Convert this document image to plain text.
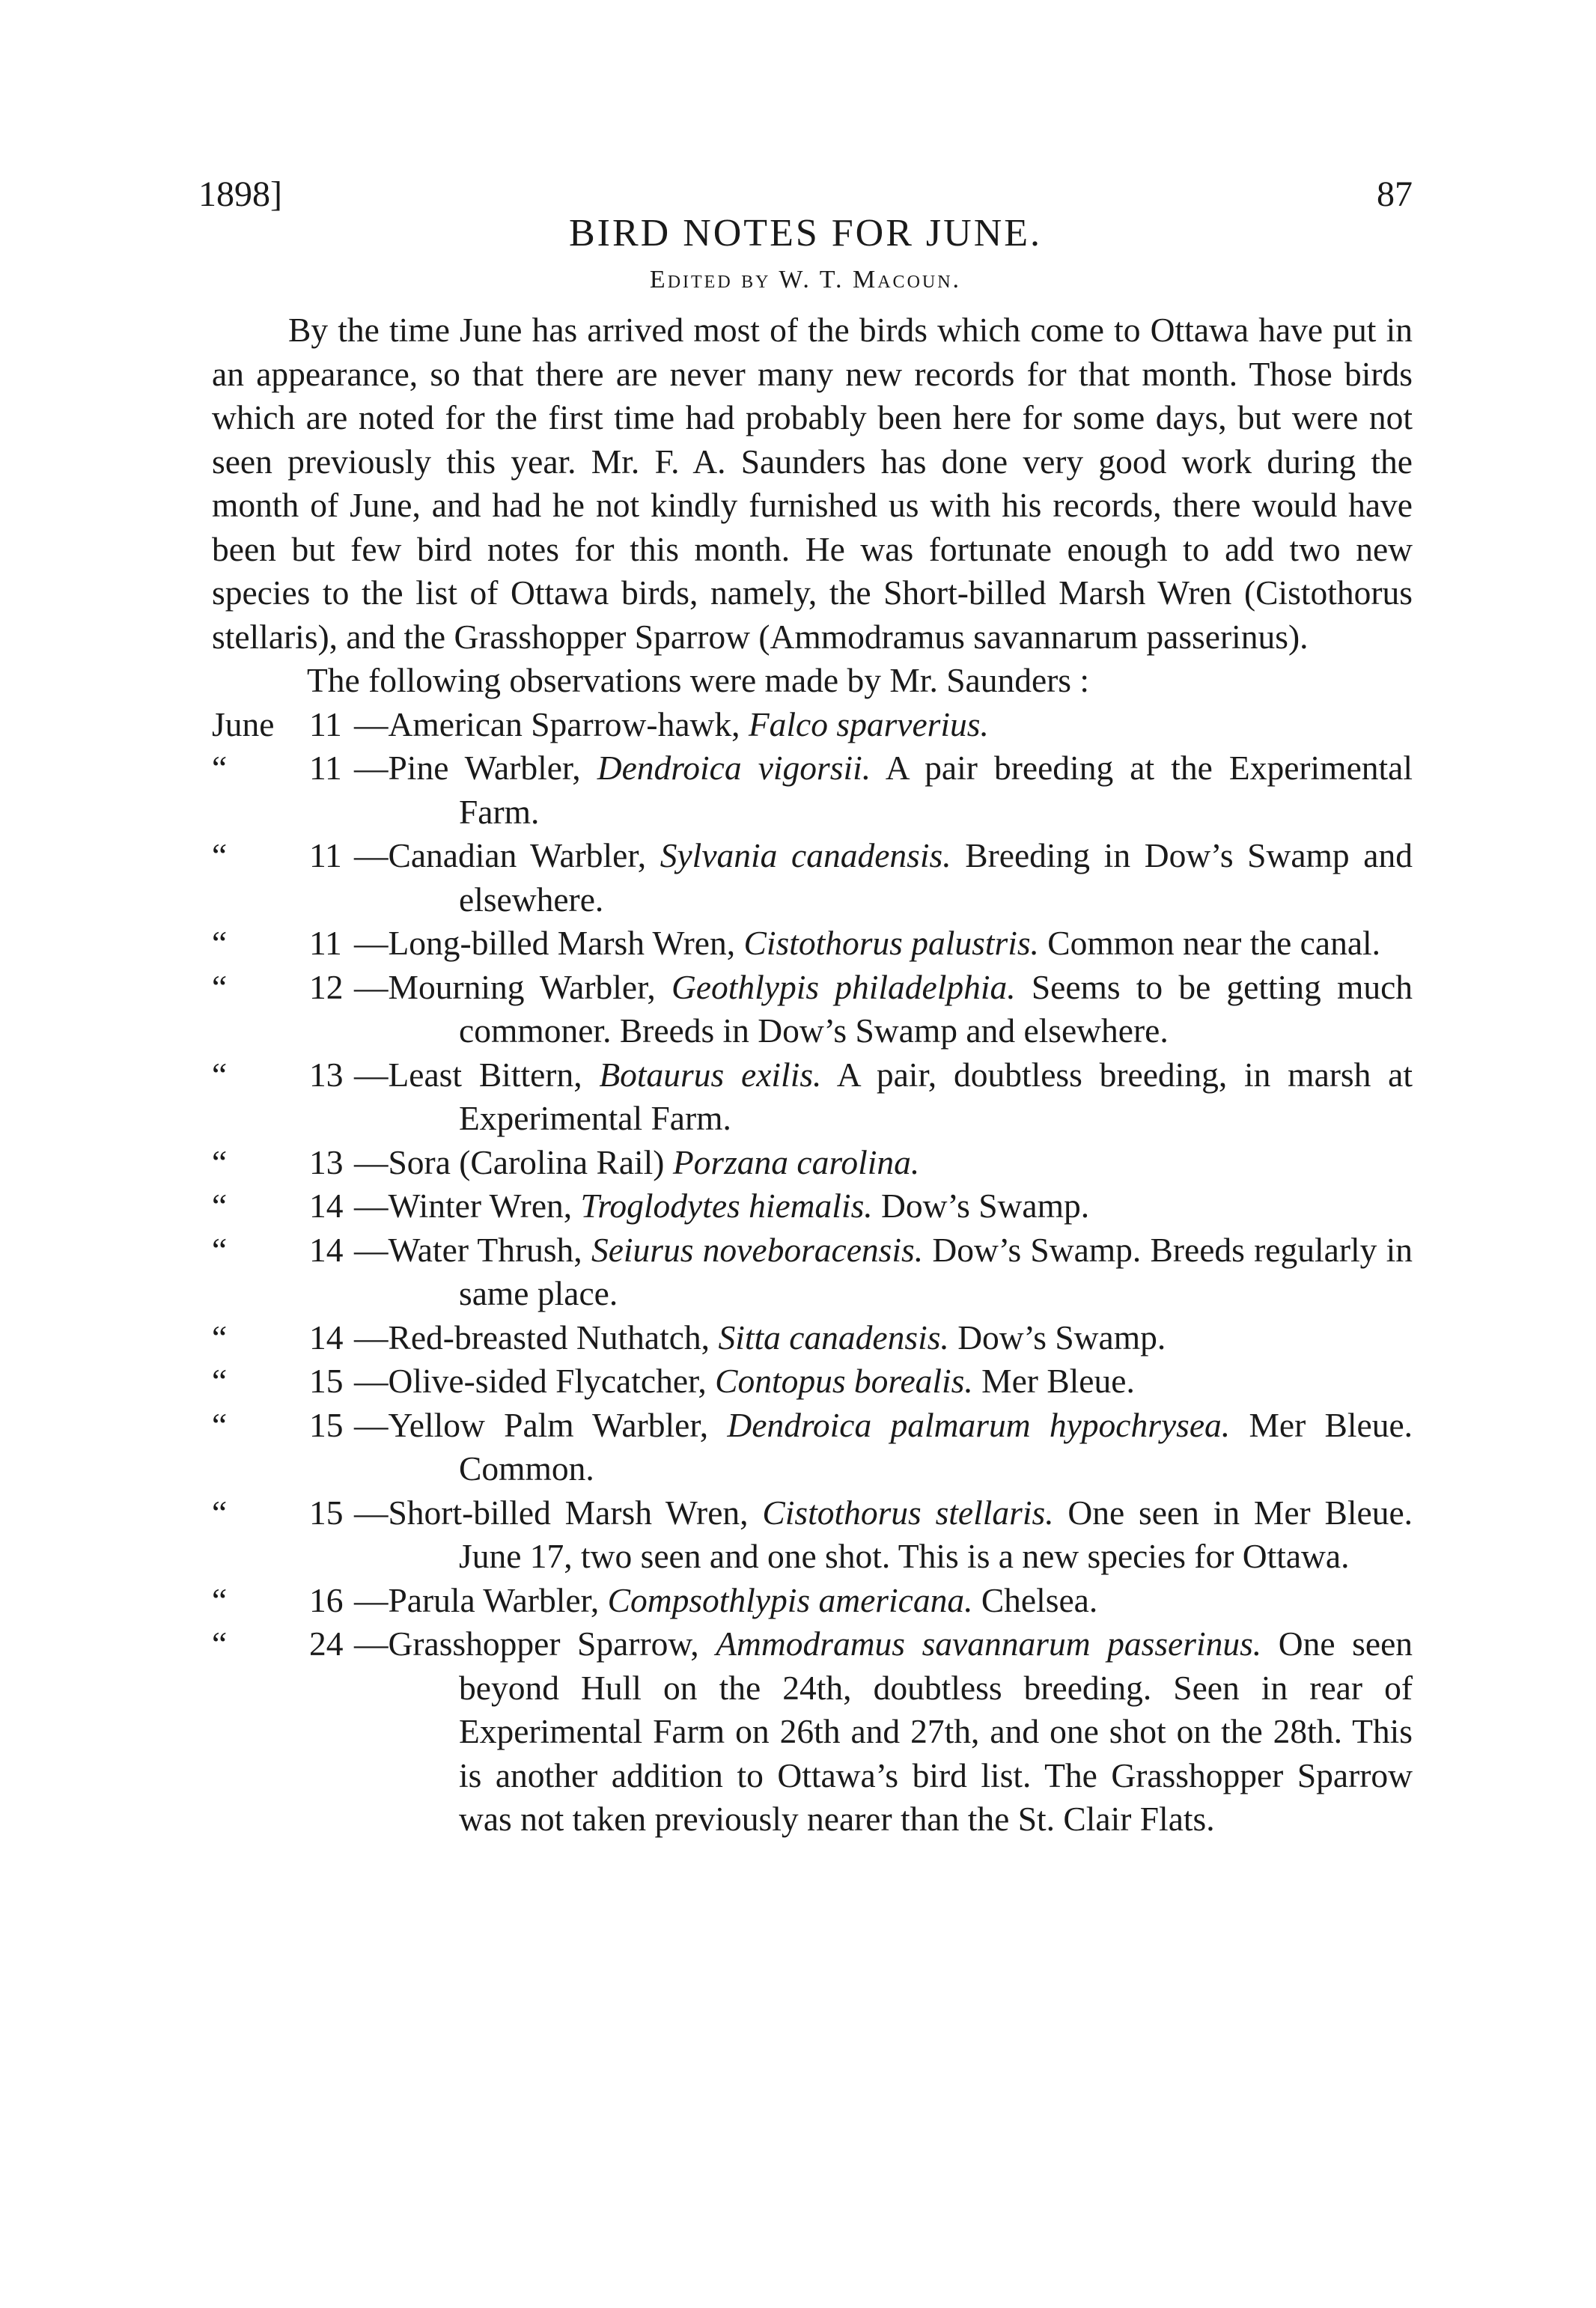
1898]	87
BIRD NOTES FOR JUNE.
Edited by W. T. Macoun.

By the time June has arrived most of the birds which come to Ottawa have put in an appearance, so that there are never many new records for that month. Those birds which are noted for the first time had probably been here for some days, but were not seen previously this year. Mr. F. A. Saunders has done very good work during the month of June, and had he not kindly furnished us with his records, there would have been but few bird notes for this month. He was fortunate enough to add two new species to the list of Ottawa birds, namely, the Short-billed Marsh Wren (Cistothorus stellaris), and the Grasshopper Sparrow (Ammodramus savannarum passerinus).

The following observations were made by Mr. Saunders :

June 11 —American Sparrow-hawk, Falco sparverius.
“ 11 —Pine Warbler, Dendroica vigorsii. A pair breeding at the Experimental Farm.
“ 11 —Canadian Warbler, Sylvania canadensis. Breeding in Dow’s Swamp and elsewhere.
“ 11 —Long-billed Marsh Wren, Cistothorus palustris. Common near the canal.
“ 12 —Mourning Warbler, Geothlypis philadelphia. Seems to be getting much commoner. Breeds in Dow’s Swamp and elsewhere.
“ 13 —Least Bittern, Botaurus exilis. A pair, doubtless breeding, in marsh at Experimental Farm.
“ 13 —Sora (Carolina Rail) Porzana carolina.
“ 14 —Winter Wren, Troglodytes hiemalis. Dow’s Swamp.
“ 14 —Water Thrush, Seiurus noveboracensis. Dow’s Swamp. Breeds regularly in same place.
“ 14 —Red-breasted Nuthatch, Sitta canadensis. Dow’s Swamp.
“ 15 —Olive-sided Flycatcher, Contopus borealis. Mer Bleue.
“ 15 —Yellow Palm Warbler, Dendroica palmarum hypochrysea. Mer Bleue. Common.
“ 15 —Short-billed Marsh Wren, Cistothorus stellaris. One seen in Mer Bleue. June 17, two seen and one shot. This is a new species for Ottawa.
“ 16 —Parula Warbler, Compsothlypis americana. Chelsea.
“ 24 —Grasshopper Sparrow, Ammodramus savannarum passerinus. One seen beyond Hull on the 24th, doubtless breeding. Seen in rear of Experimental Farm on 26th and 27th, and one shot on the 28th. This is another addition to Ottawa’s bird list. The Grasshopper Sparrow was not taken previously nearer than the St. Clair Flats.
